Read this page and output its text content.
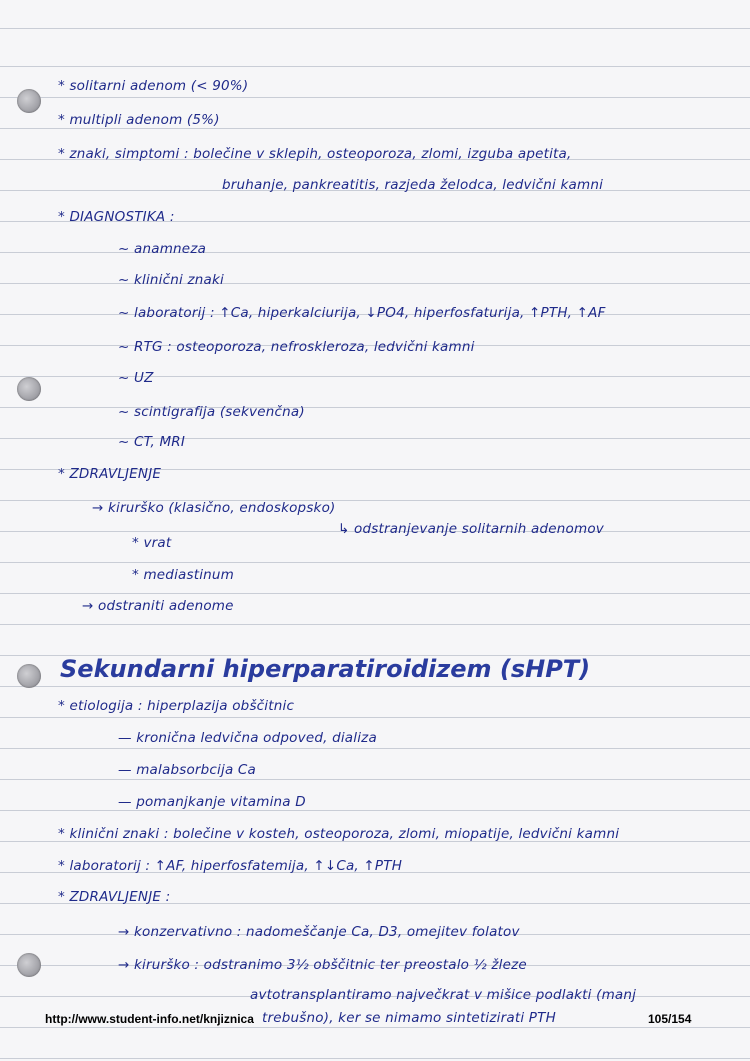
* solitarni adenom (< 90%)
* multipli adenom (5%)
* znaki, simptomi : bolečine v sklepih, osteoporoza, zlomi, izguba apetita,
bruhanje, pankreatitis, razjeda želodca, ledvični kamni
* DIAGNOSTIKA :
~ anamneza
~ klinični znaki
~ laboratorij : ↑Ca, hiperkalciurija, ↓PO4, hiperfosfaturija, ↑PTH, ↑AF
~ RTG : osteoporoza, nefroskleroza, ledvični kamni
~ UZ
~ scintigrafija (sekvenčna)
~ CT, MRI
* ZDRAVLJENJE
→ kirurško (klasično, endoskopsko)
↳ odstranjevanje solitarnih adenomov
* vrat
* mediastinum
→ odstraniti adenome
Sekundarni hiperparatiroidizem (sHPT)
* etiologija : hiperplazija obščitnic
— kronična ledvična odpoved, dializa
— malabsorbcija Ca
— pomanjkanje vitamina D
* klinični znaki : bolečine v kosteh, osteoporoza, zlomi, miopatije, ledvični kamni
* laboratorij : ↑AF, hiperfosfatemija, ↑↓Ca, ↑PTH
* ZDRAVLJENJE :
→ konzervativno : nadomeščanje Ca, D3, omejitev folatov
→ kirurško : odstranimo 3½ obščitnic ter preostalo ½ žleze
avtotransplantiramo največkrat v mišice podlakti (manj
trebušno), ker se nimamo sintetizirati PTH
http://www.student-info.net/knjiznica	105/154
